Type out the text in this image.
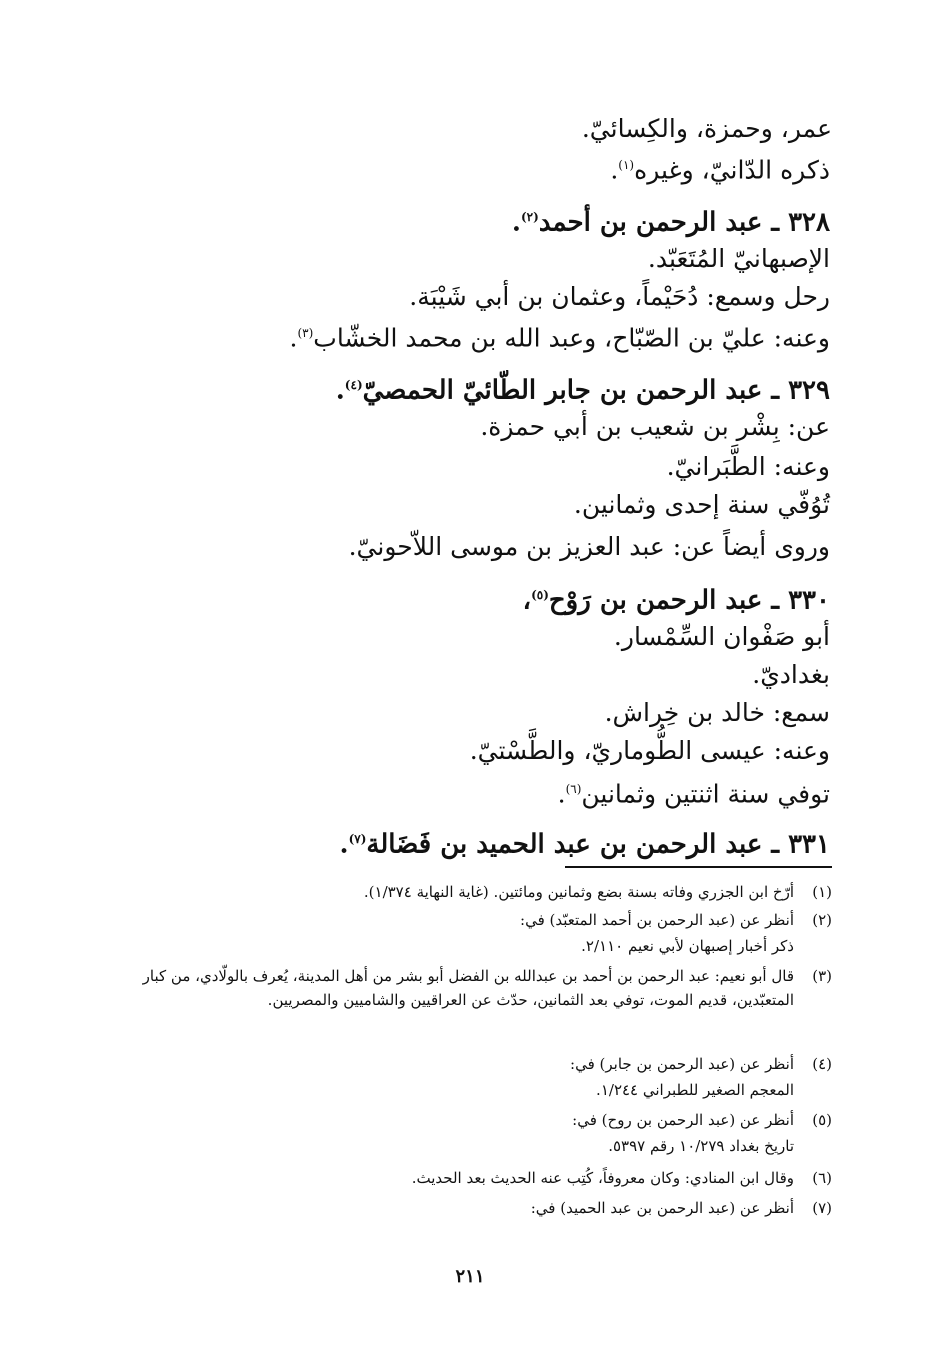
عمر، وحمزة، والكِسائيّ.
ذكره الدّانيّ، وغيره$^{(١)}$.
٣٢٨ ـ عبد الرحمن بن أحمد$^{(٢)}$.
الإصبهانيّ المُتَعَبّد.
رحل وسمع: دُحَيْماً، وعثمان بن أبي شَيْبَة.
وعنه: عليّ بن الصّبّاح، وعبد الله بن محمد الخشّاب$^{(٣)}$.
٣٢٩ ـ عبد الرحمن بن جابر الطّائيّ الحمصيّ$^{(٤)}$.
عن: بِشْر بن شعيب بن أبي حمزة.
وعنه: الطَّبَرانيّ.
تُوُفّي سنة إحدى وثمانين.
وروى أيضاً عن: عبد العزيز بن موسى اللاّحونيّ.
٣٣٠ ـ عبد الرحمن بن رَوْح$^{(٥)}$،
أبو صَفْوان السِّمْسار.
بغداديّ.
سمع: خالد بن خِراش.
وعنه: عيسى الطُّوماريّ، والطَّسْتيّ.
توفي سنة اثنتين وثمانين$^{(٦)}$.
٣٣١ ـ عبد الرحمن بن عبد الحميد بن فَضَالة$^{(٧)}$.
(١)أرّخ ابن الجزري وفاته بسنة بضع وثمانين ومائتين. (غاية النهاية ١/٣٧٤).
(٢)أنظر عن (عبد الرحمن بن أحمد المتعبّد) في:
ذكر أخبار إصبهان لأبي نعيم ٢/١١٠.
(٣)
قال أبو نعيم: عبد الرحمن بن أحمد بن عبدالله بن الفضل أبو بشر من أهل المدينة، يُعرف بالولّادي، من كبار المتعبّدين، قديم الموت، توفي بعد الثمانين، حدّث عن العراقيين والشاميين والمصريين.
(٤)أنظر عن (عبد الرحمن بن جابر) في:
المعجم الصغير للطبراني ١/٢٤٤.
(٥)أنظر عن (عبد الرحمن بن روح) في:
تاريخ بغداد ١٠/٢٧٩ رقم ٥٣٩٧.
(٦)وقال ابن المنادي: وكان معروفاً، كُتِب عنه الحديث بعد الحديث.
(٧)أنظر عن (عبد الرحمن بن عبد الحميد) في:
٢١١
